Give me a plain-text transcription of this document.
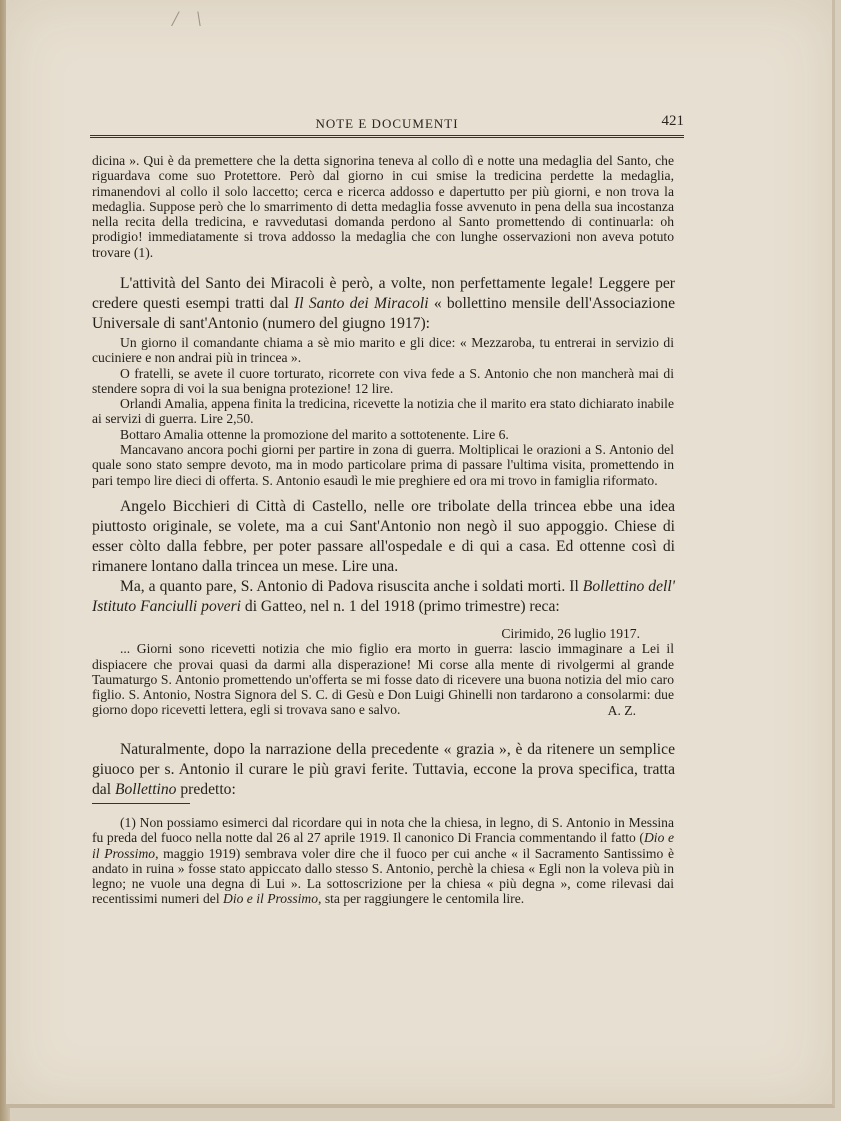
/ \
NOTE E DOCUMENTI	421
dicina ». Qui è da premettere che la detta signorina teneva al collo dì e notte una medaglia del Santo, che riguardava come suo Protettore. Però dal giorno in cui smise la tredicina perdette la medaglia, rimanendovi al collo il solo laccetto; cerca e ricerca addosso e dapertutto per più giorni, e non trova la medaglia. Suppose però che lo smarrimento di detta medaglia fosse avvenuto in pena della sua incostanza nella recita della tredicina, e ravvedutasi domanda perdono al Santo promettendo di continuarla: oh prodigio! immediatamente si trova addosso la medaglia che con lunghe osservazioni non aveva potuto trovare (1).
L'attività del Santo dei Miracoli è però, a volte, non perfettamente legale! Leggere per credere questi esempi tratti dal Il Santo dei Miracoli « bollettino mensile dell'Associazione Universale di sant'Antonio (numero del giugno 1917):

Un giorno il comandante chiama a sè mio marito e gli dice: « Mezzaroba, tu entrerai in servizio di cuciniere e non andrai più in trincea ».

O fratelli, se avete il cuore torturato, ricorrete con viva fede a S. Antonio che non mancherà mai di stendere sopra di voi la sua benigna protezione! 12 lire.

Orlandi Amalia, appena finita la tredicina, ricevette la notizia che il marito era stato dichiarato inabile ai servizi di guerra. Lire 2,50.

Bottaro Amalia ottenne la promozione del marito a sottotenente. Lire 6.

Mancavano ancora pochi giorni per partire in zona di guerra. Moltiplicai le orazioni a S. Antonio del quale sono stato sempre devoto, ma in modo particolare prima di passare l'ultima visita, promettendo in pari tempo lire dieci di offerta. S. Antonio esaudì le mie preghiere ed ora mi trovo in famiglia riformato.

Angelo Bicchieri di Città di Castello, nelle ore tribolate della trincea ebbe una idea piuttosto originale, se volete, ma a cui Sant'Antonio non negò il suo appoggio. Chiese di esser còlto dalla febbre, per poter passare all'ospedale e di qui a casa. Ed ottenne così di rimanere lontano dalla trincea un mese. Lire una.
Ma, a quanto pare, S. Antonio di Padova risuscita anche i soldati morti. Il Bollettino dell' Istituto Fanciulli poveri di Gatteo, nel n. 1 del 1918 (primo trimestre) reca:
Cirimido, 26 luglio 1917.
... Giorni sono ricevetti notizia che mio figlio era morto in guerra: lascio immaginare a Lei il dispiacere che provai quasi da darmi alla disperazione! Mi corse alla mente di rivolgermi al grande Taumaturgo S. Antonio promettendo un'offerta se mi fosse dato di ricevere una buona notizia del mio caro figlio. S. Antonio, Nostra Signora del S. C. di Gesù e Don Luigi Ghinelli non tardarono a consolarmi: due giorno dopo ricevetti lettera, egli si trovava sano e salvo.	A. Z.
Naturalmente, dopo la narrazione della precedente « grazia », è da ritenere un semplice giuoco per s. Antonio il curare le più gravi ferite. Tuttavia, eccone la prova specifica, tratta dal Bollettino predetto:
(1) Non possiamo esimerci dal ricordare qui in nota che la chiesa, in legno, di S. Antonio in Messina fu preda del fuoco nella notte dal 26 al 27 aprile 1919. Il canonico Di Francia commentando il fatto (Dio e il Prossimo, maggio 1919) sembrava voler dire che il fuoco per cui anche « il Sacramento Santissimo è andato in ruina » fosse stato appiccato dallo stesso S. Antonio, perchè la chiesa « Egli non la voleva più in legno; ne vuole una degna di Lui ». La sottoscrizione per la chiesa « più degna », come rilevasi dai recentissimi numeri del Dio e il Prossimo, sta per raggiungere le centomila lire.
